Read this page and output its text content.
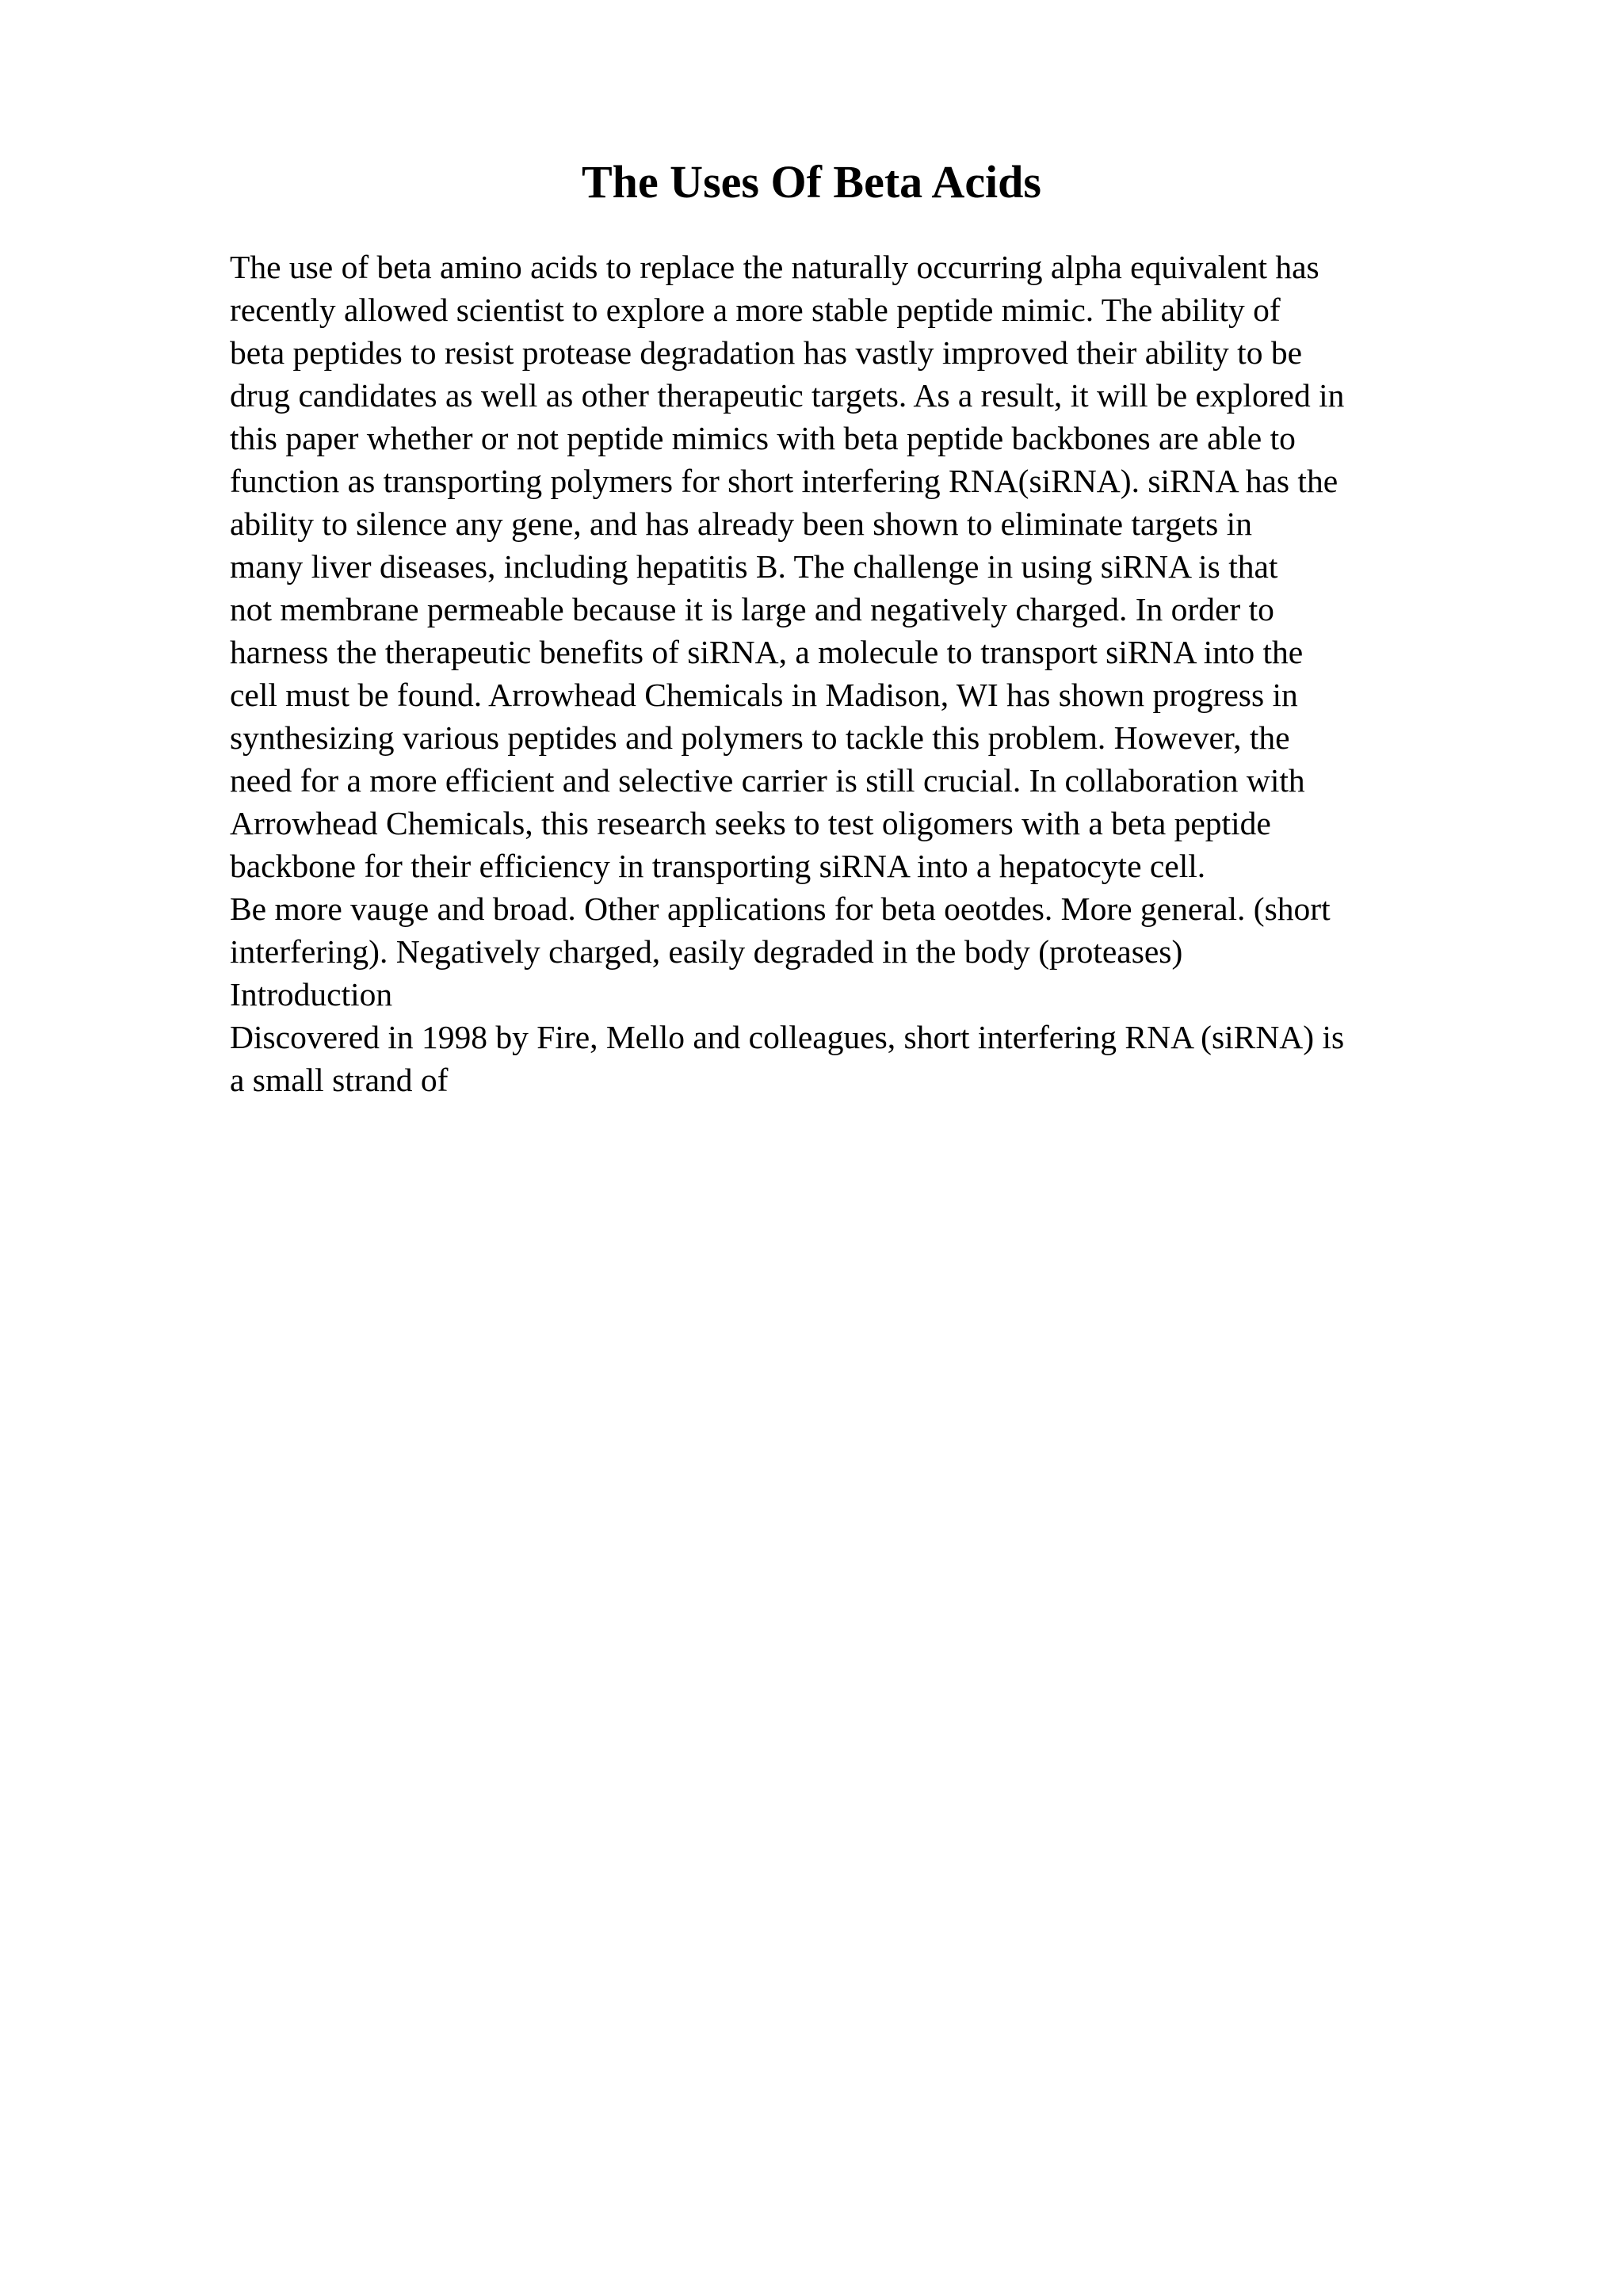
The Uses Of Beta Acids
The use of beta amino acids to replace the naturally occurring alpha equivalent has
recently allowed scientist to explore a more stable peptide mimic. The ability of
beta peptides to resist protease degradation has vastly improved their ability to be
drug candidates as well as other therapeutic targets. As a result, it will be explored in
this paper whether or not peptide mimics with beta peptide backbones are able to
function as transporting polymers for short interfering RNA(siRNA). siRNA has the
ability to silence any gene, and has already been shown to eliminate targets in
many liver diseases, including hepatitis B. The challenge in using siRNA is that
not membrane permeable because it is large and negatively charged. In order to
harness the therapeutic benefits of siRNA, a molecule to transport siRNA into the
cell must be found. Arrowhead Chemicals in Madison, WI has shown progress in
synthesizing various peptides and polymers to tackle this problem. However, the
need for a more efficient and selective carrier is still crucial. In collaboration with
Arrowhead Chemicals, this research seeks to test oligomers with a beta peptide
backbone for their efficiency in transporting siRNA into a hepatocyte cell.
Be more vauge and broad. Other applications for beta oeotdes. More general. (short
interfering). Negatively charged, easily degraded in the body (proteases)
Introduction
Discovered in 1998 by Fire, Mello and colleagues, short interfering RNA (siRNA) is
a small strand of
